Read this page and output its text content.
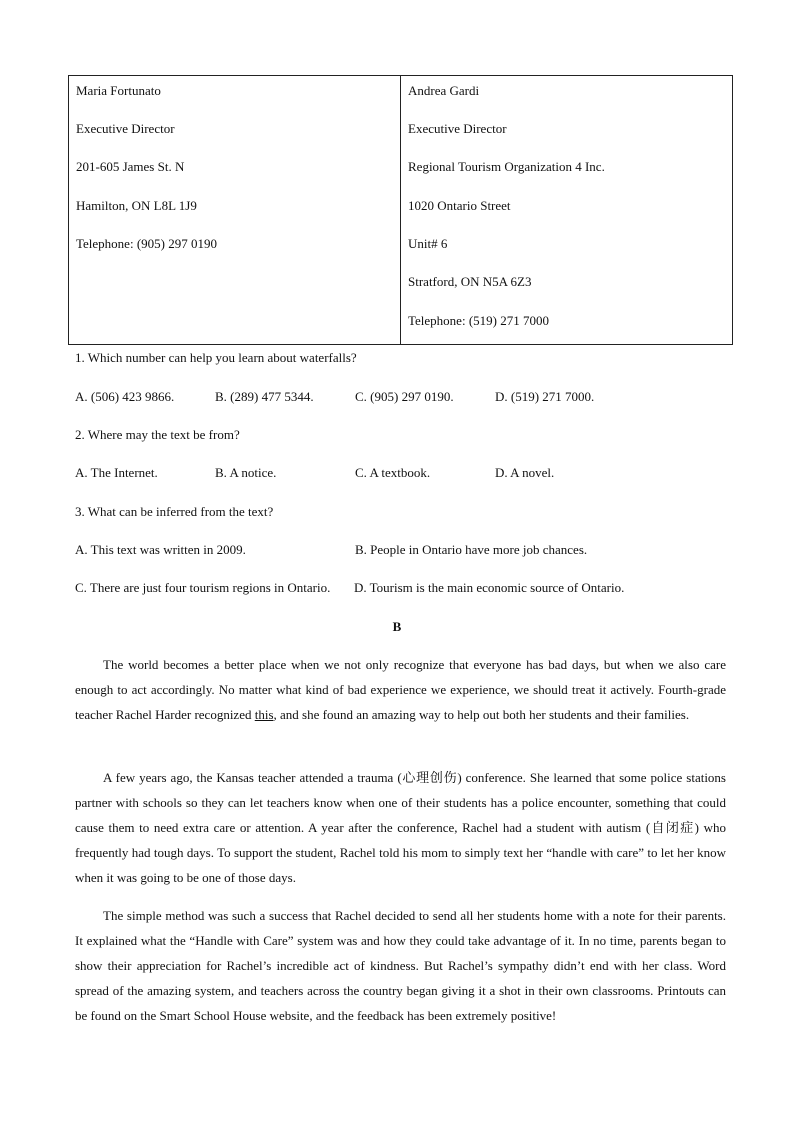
Maria Fortunato
Executive Director
201-605 James St. N
Hamilton, ON L8L 1J9
Telephone: (905) 297 0190
Andrea Gardi
Executive Director
Regional Tourism Organization 4 Inc.
1020 Ontario Street
Unit# 6
Stratford, ON N5A 6Z3
Telephone: (519) 271 7000
1. Which number can help you learn about waterfalls?
A. (506) 423 9866.	B. (289) 477 5344.	C. (905) 297 0190.	D. (519) 271 7000.
2. Where may the text be from?
A. The Internet.	B. A notice.	C. A textbook.	D. A novel.
3. What can be inferred from the text?
A. This text was written in 2009.	B. People in Ontario have more job chances.
C. There are just four tourism regions in Ontario. D. Tourism is the main economic source of Ontario.
B

The world becomes a better place when we not only recognize that everyone has bad days, but when we also care enough to act accordingly. No matter what kind of bad experience we experience, we should treat it actively. Fourth-grade teacher Rachel Harder recognized this, and she found an amazing way to help out both her students and their families.

A few years ago, the Kansas teacher attended a trauma (心理创伤) conference. She learned that some police stations partner with schools so they can let teachers know when one of their students has a police encounter, something that could cause them to need extra care or attention. A year after the conference, Rachel had a student with autism (自闭症) who frequently had tough days. To support the student, Rachel told his mom to simply text her “handle with care” to let her know when it was going to be one of those days.

The simple method was such a success that Rachel decided to send all her students home with a note for their parents. It explained what the “Handle with Care” system was and how they could take advantage of it. In no time, parents began to show their appreciation for Rachel’s incredible act of kindness. But Rachel’s sympathy didn’t end with her class. Word spread of the amazing system, and teachers across the country began giving it a shot in their own classrooms. Printouts can be found on the Smart School House website, and the feedback has been extremely positive!
